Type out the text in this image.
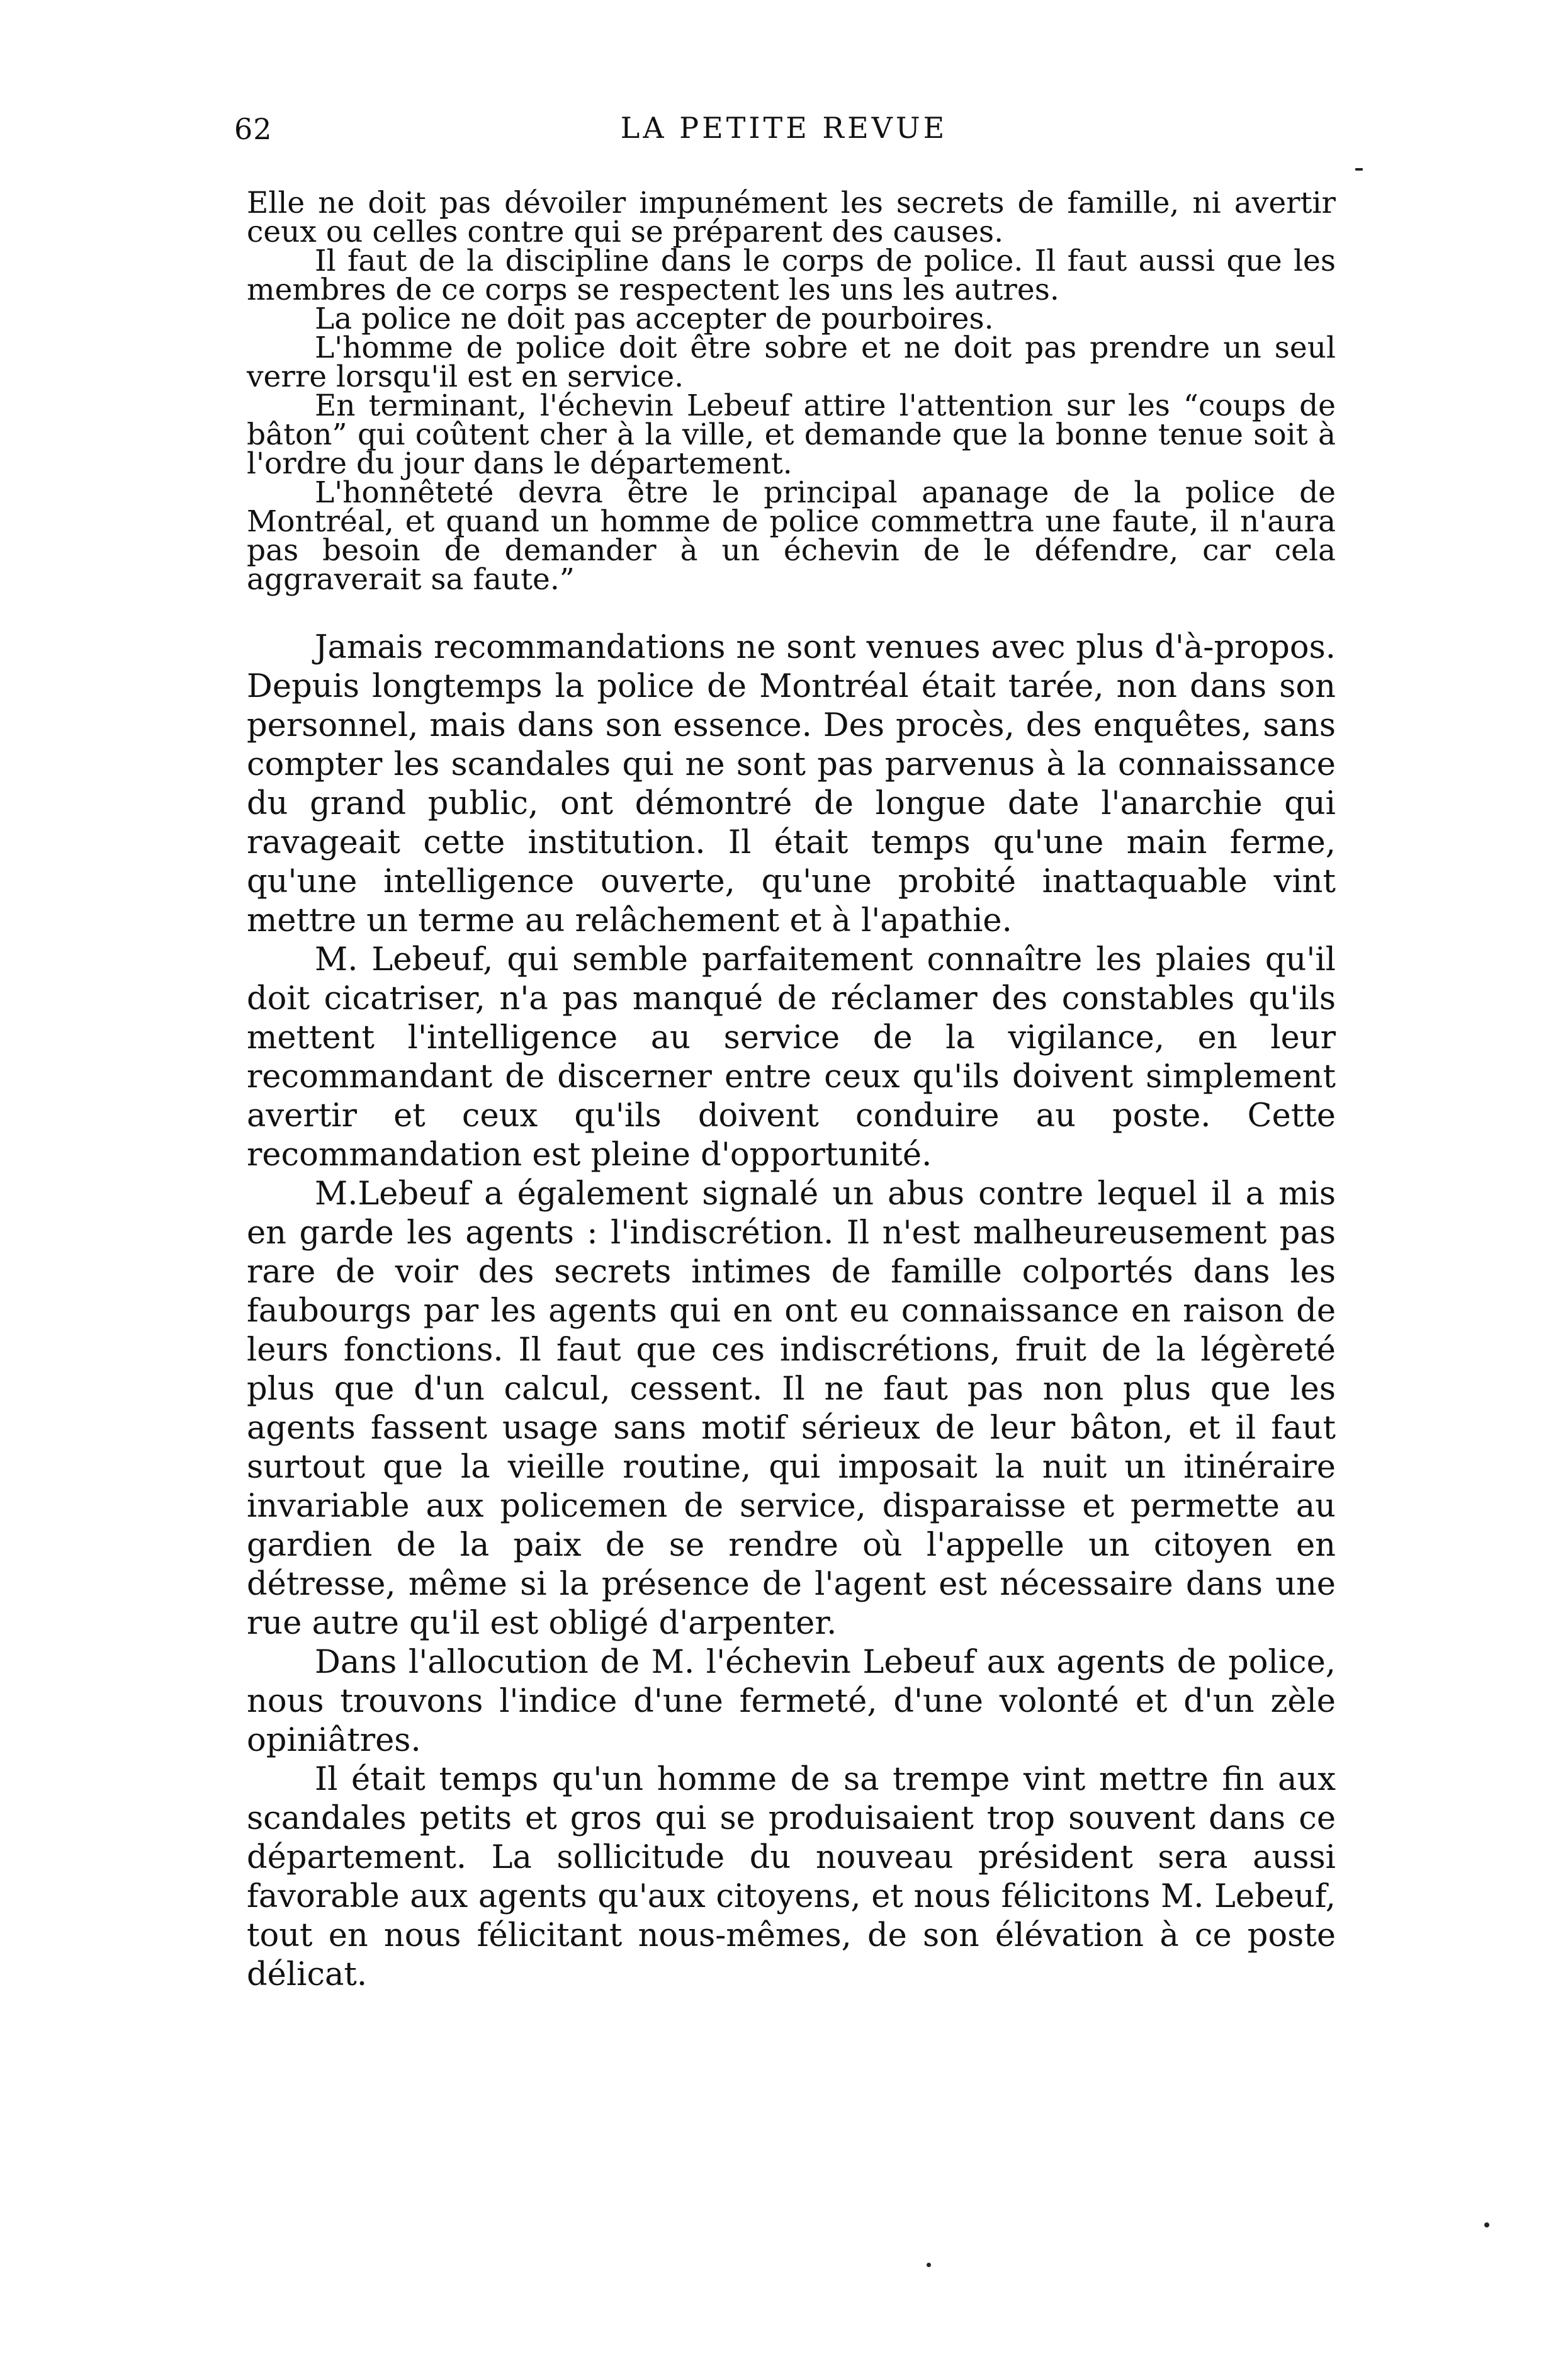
62	LA PETITE REVUE

Elle ne doit pas dévoiler impunément les secrets de famille, ni avertir ceux ou celles contre qui se préparent des causes.

Il faut de la discipline dans le corps de police. Il faut aussi que les membres de ce corps se respectent les uns les autres.

La police ne doit pas accepter de pourboires.

L'homme de police doit être sobre et ne doit pas prendre un seul verre lorsqu'il est en service.

En terminant, l'échevin Lebeuf attire l'attention sur les “coups de bâton” qui coûtent cher à la ville, et demande que la bonne tenue soit à l'ordre du jour dans le département.

L'honnêteté devra être le principal apanage de la police de Montréal, et quand un homme de police commettra une faute, il n'aura pas besoin de demander à un échevin de le défendre, car cela aggraverait sa faute.”

Jamais recommandations ne sont venues avec plus d'à-propos. Depuis longtemps la police de Montréal était tarée, non dans son personnel, mais dans son essence. Des procès, des enquêtes, sans compter les scandales qui ne sont pas parvenus à la connaissance du grand public, ont démontré de longue date l'anarchie qui ravageait cette institution. Il était temps qu'une main ferme, qu'une intelligence ouverte, qu'une probité inattaquable vint mettre un terme au relâchement et à l'apathie.

M. Lebeuf, qui semble parfaitement connaître les plaies qu'il doit cicatriser, n'a pas manqué de réclamer des constables qu'ils mettent l'intelligence au service de la vigilance, en leur recommandant de discerner entre ceux qu'ils doivent simplement avertir et ceux qu'ils doivent conduire au poste. Cette recommandation est pleine d'opportunité.

M.Lebeuf a également signalé un abus contre lequel il a mis en garde les agents : l'indiscrétion. Il n'est malheureusement pas rare de voir des secrets intimes de famille colportés dans les faubourgs par les agents qui en ont eu connaissance en raison de leurs fonctions. Il faut que ces indiscrétions, fruit de la légèreté plus que d'un calcul, cessent. Il ne faut pas non plus que les agents fassent usage sans motif sérieux de leur bâton, et il faut surtout que la vieille routine, qui imposait la nuit un itinéraire invariable aux policemen de service, disparaisse et permette au gardien de la paix de se rendre où l'appelle un citoyen en détresse, même si la présence de l'agent est nécessaire dans une rue autre qu'il est obligé d'arpenter.

Dans l'allocution de M. l'échevin Lebeuf aux agents de police, nous trouvons l'indice d'une fermeté, d'une volonté et d'un zèle opiniâtres.

Il était temps qu'un homme de sa trempe vint mettre fin aux scandales petits et gros qui se produisaient trop souvent dans ce département. La sollicitude du nouveau président sera aussi favorable aux agents qu'aux citoyens, et nous félicitons M. Lebeuf, tout en nous félicitant nous-mêmes, de son élévation à ce poste délicat.
